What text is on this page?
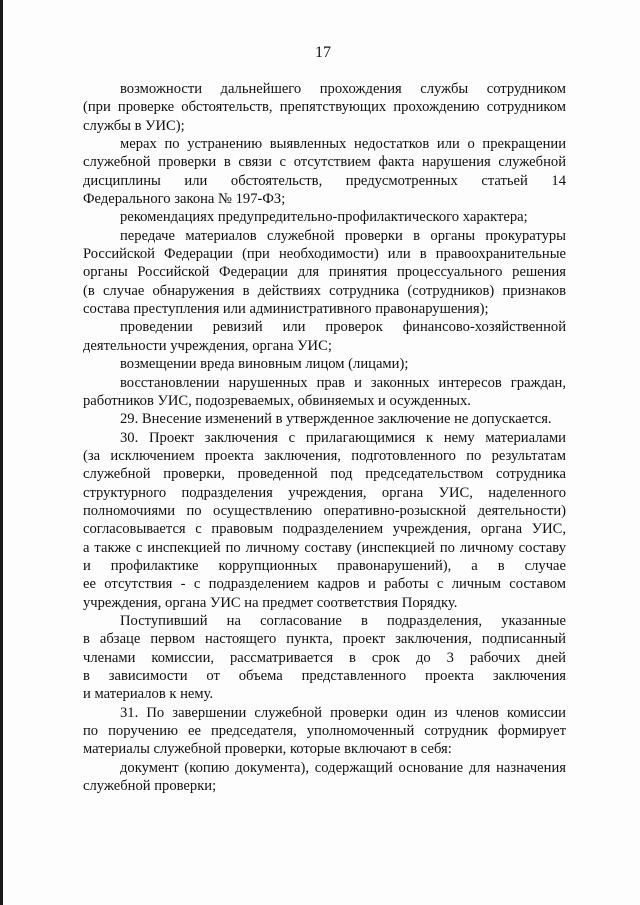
17
возможности дальнейшего прохождения службы сотрудником
(при проверке обстоятельств, препятствующих прохождению сотрудником
службы в УИС);
мерах по устранению выявленных недостатков или о прекращении
служебной проверки в связи с отсутствием факта нарушения служебной
дисциплины или обстоятельств, предусмотренных статьей 14
Федерального закона № 197-ФЗ;
рекомендациях предупредительно-профилактического характера;
передаче материалов служебной проверки в органы прокуратуры
Российской Федерации (при необходимости) или в правоохранительные
органы Российской Федерации для принятия процессуального решения
(в случае обнаружения в действиях сотрудника (сотрудников) признаков
состава преступления или административного правонарушения);
проведении ревизий или проверок финансово-хозяйственной
деятельности учреждения, органа УИС;
возмещении вреда виновным лицом (лицами);
восстановлении нарушенных прав и законных интересов граждан,
работников УИС, подозреваемых, обвиняемых и осужденных.
29. Внесение изменений в утвержденное заключение не допускается.
30. Проект заключения с прилагающимися к нему материалами
(за исключением проекта заключения, подготовленного по результатам
служебной проверки, проведенной под председательством сотрудника
структурного подразделения учреждения, органа УИС, наделенного
полномочиями по осуществлению оперативно-розыскной деятельности)
согласовывается с правовым подразделением учреждения, органа УИС,
а также с инспекцией по личному составу (инспекцией по личному составу
и профилактике коррупционных правонарушений), а в случае
ее отсутствия - с подразделением кадров и работы с личным составом
учреждения, органа УИС на предмет соответствия Порядку.
Поступивший на согласование в подразделения, указанные
в абзаце первом настоящего пункта, проект заключения, подписанный
членами комиссии, рассматривается в срок до 3 рабочих дней
в зависимости от объема представленного проекта заключения
и материалов к нему.
31. По завершении служебной проверки один из членов комиссии
по поручению ее председателя, уполномоченный сотрудник формирует
материалы служебной проверки, которые включают в себя:
документ (копию документа), содержащий основание для назначения
служебной проверки;
